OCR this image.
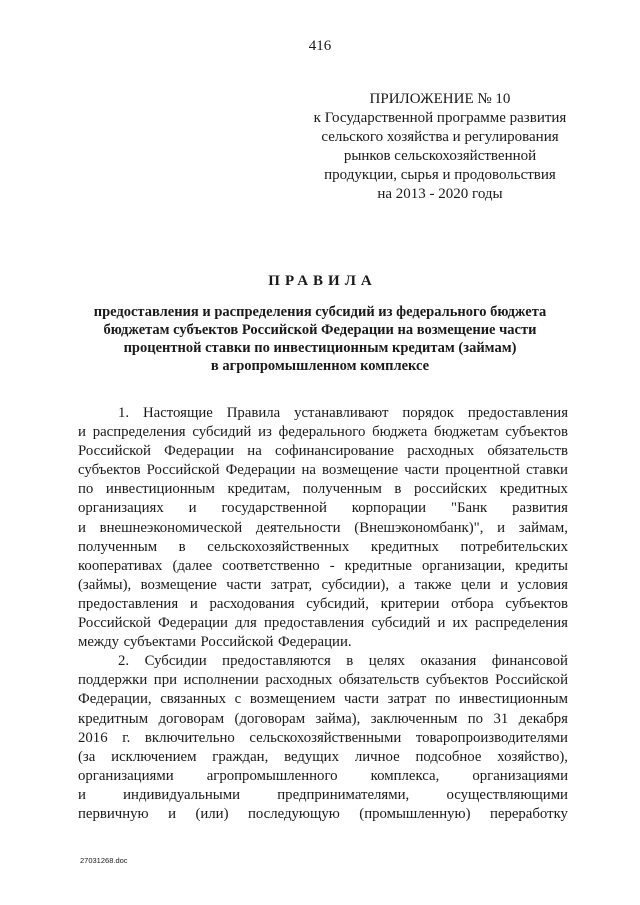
416
ПРИЛОЖЕНИЕ № 10
к Государственной программе развития
сельского хозяйства и регулирования
рынков сельскохозяйственной
продукции, сырья и продовольствия
на 2013 - 2020 годы
ПРАВИЛА
предоставления и распределения субсидий из федерального бюджета
бюджетам субъектов Российской Федерации на возмещение части
процентной ставки по инвестиционным кредитам (займам)
в агропромышленном комплексе
1. Настоящие Правила устанавливают порядок предоставления
и распределения субсидий из федерального бюджета бюджетам субъектов
Российской Федерации на софинансирование расходных обязательств
субъектов Российской Федерации на возмещение части процентной ставки
по инвестиционным кредитам, полученным в российских кредитных
организациях и государственной корпорации "Банк развития
и внешнеэкономической деятельности (Внешэкономбанк)", и займам,
полученным в сельскохозяйственных кредитных потребительских
кооперативах (далее соответственно - кредитные организации, кредиты
(займы), возмещение части затрат, субсидии), а также цели и условия
предоставления и расходования субсидий, критерии отбора субъектов
Российской Федерации для предоставления субсидий и их распределения
между субъектами Российской Федерации.
2. Субсидии предоставляются в целях оказания финансовой
поддержки при исполнении расходных обязательств субъектов Российской
Федерации, связанных с возмещением части затрат по инвестиционным
кредитным договорам (договорам займа), заключенным по 31 декабря
2016 г. включительно сельскохозяйственными товаропроизводителями
(за исключением граждан, ведущих личное подсобное хозяйство),
организациями агропромышленного комплекса, организациями
и	индивидуальными	предпринимателями,	осуществляющими
первичную и (или) последующую (промышленную) переработку
27031268.doc
